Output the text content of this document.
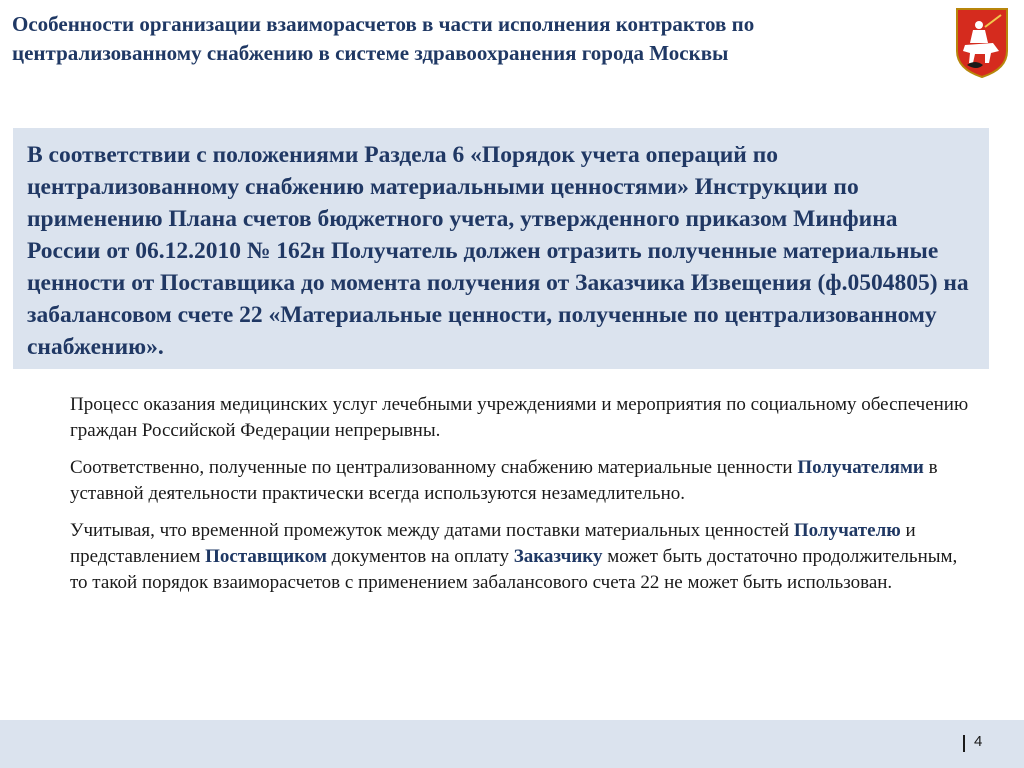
Особенности организации взаиморасчетов в части исполнения контрактов по централизованному снабжению в системе здравоохранения города Москвы

В соответствии с положениями Раздела 6 «Порядок учета операций по централизованному снабжению материальными ценностями» Инструкции по применению Плана счетов бюджетного учета, утвержденного приказом Минфина России от 06.12.2010 № 162н Получатель должен отразить полученные материальные ценности от Поставщика до момента получения от Заказчика Извещения (ф.0504805) на забалансовом счете 22 «Материальные ценности, полученные по централизованному снабжению».

Процесс оказания медицинских услуг лечебными учреждениями и мероприятия по социальному обеспечению граждан Российской Федерации непрерывны.

Соответственно, полученные по централизованному снабжению материальные ценности Получателями в уставной деятельности практически всегда используются незамедлительно.

Учитывая, что временной промежуток между датами поставки материальных ценностей Получателю и представлением Поставщиком документов на оплату Заказчику может быть достаточно продолжительным, то такой порядок взаиморасчетов с применением забалансового счета 22 не может быть использован.

4
